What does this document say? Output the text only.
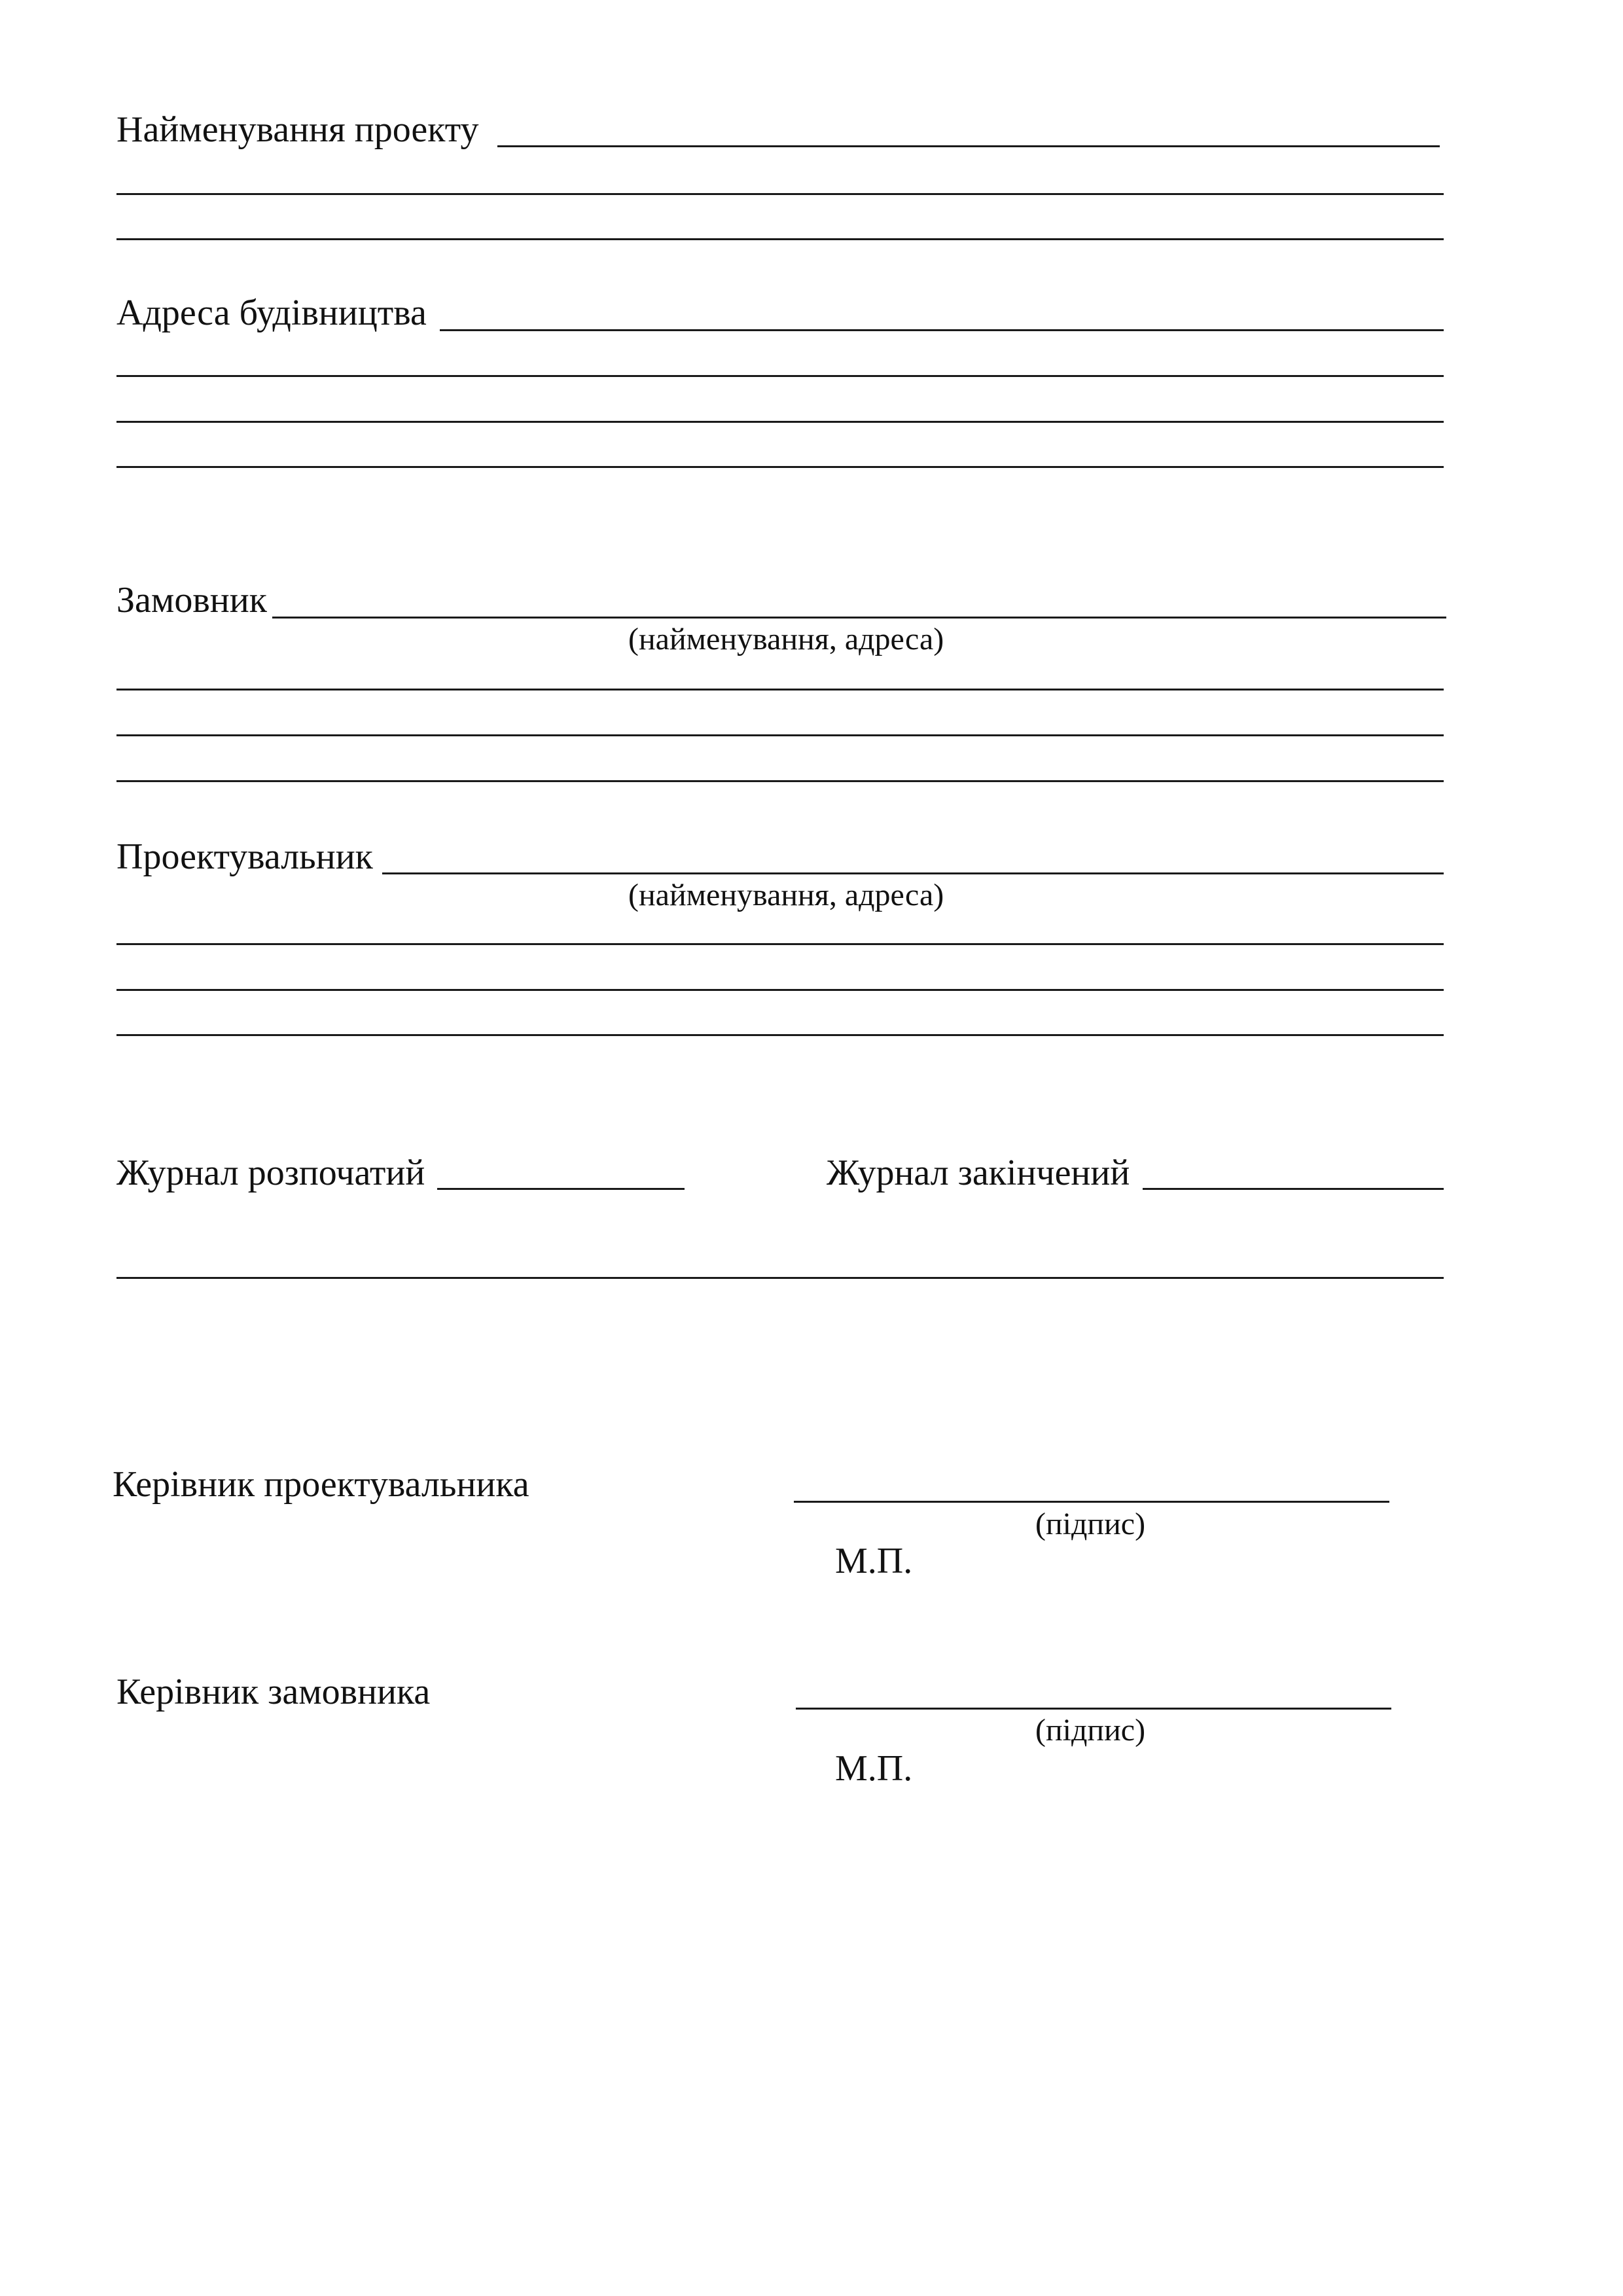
Найменування проекту
Адреса будівництва
Замовник
(найменування, адреса)
Проектувальник
(найменування, адреса)
Журнал розпочатий	Журнал закінчений
Керівник проектувальника
(підпис)
М.П.
Керівник замовника
(підпис)
М.П.
